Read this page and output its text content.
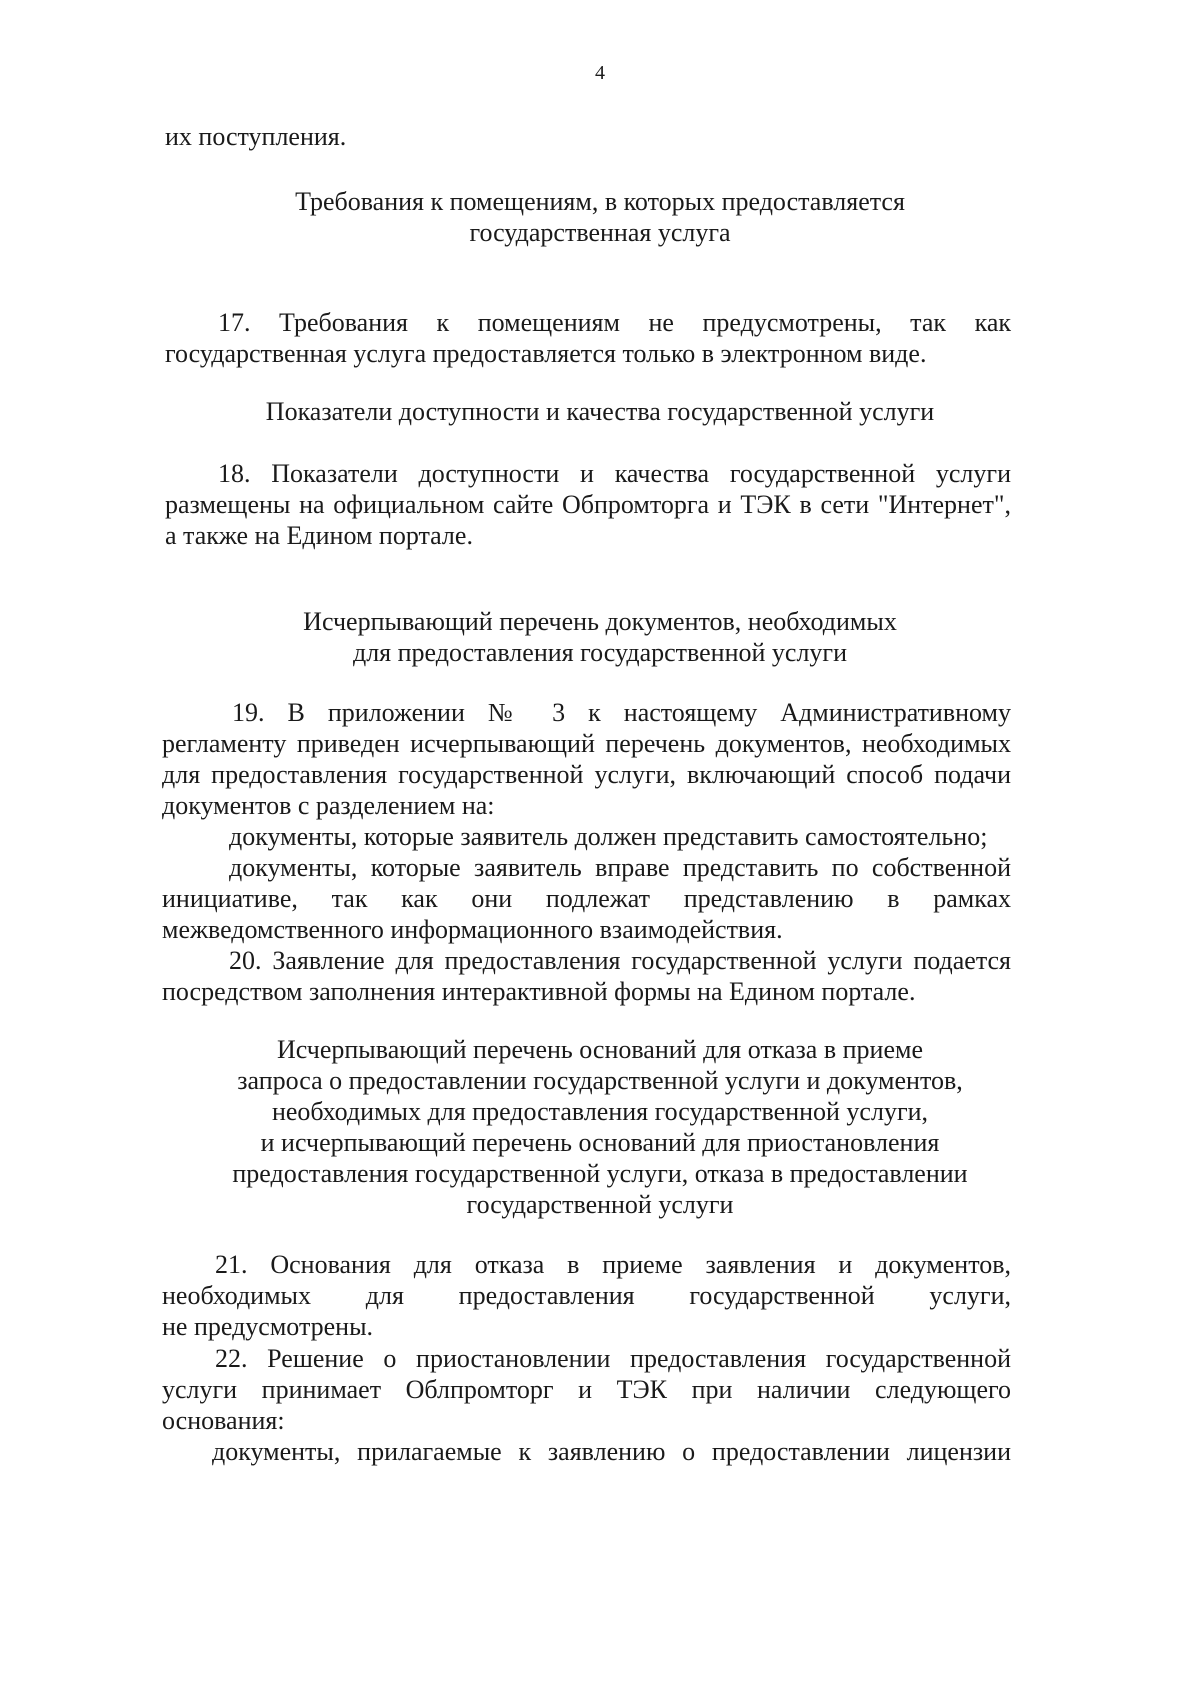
4
их поступления.
Требования к помещениям, в которых предоставляется
государственная услуга
17. Требования к помещениям не предусмотрены, так как
государственная услуга предоставляется только в электронном виде.
Показатели доступности и качества государственной услуги
18. Показатели доступности и качества государственной услуги
размещены на официальном сайте Обпромторга и ТЭК в сети "Интернет",
а также на Едином портале.
Исчерпывающий перечень документов, необходимых
для предоставления государственной услуги
19. В приложении № 3 к настоящему Административному
регламенту приведен исчерпывающий перечень документов, необходимых
для предоставления государственной услуги, включающий способ подачи
документов с разделением на:
документы, которые заявитель должен представить самостоятельно;
документы, которые заявитель вправе представить по собственной
инициативе, так как они подлежат представлению в рамках
межведомственного информационного взаимодействия.
20. Заявление для предоставления государственной услуги подается
посредством заполнения интерактивной формы на Едином портале.
Исчерпывающий перечень оснований для отказа в приеме
запроса о предоставлении государственной услуги и документов,
необходимых для предоставления государственной услуги,
и исчерпывающий перечень оснований для приостановления
предоставления государственной услуги, отказа в предоставлении
государственной услуги
21. Основания для отказа в приеме заявления и документов,
необходимых для предоставления государственной услуги,
не предусмотрены.
22. Решение о приостановлении предоставления государственной
услуги принимает Облпромторг и ТЭК при наличии следующего
основания:
документы, прилагаемые к заявлению о предоставлении лицензии
